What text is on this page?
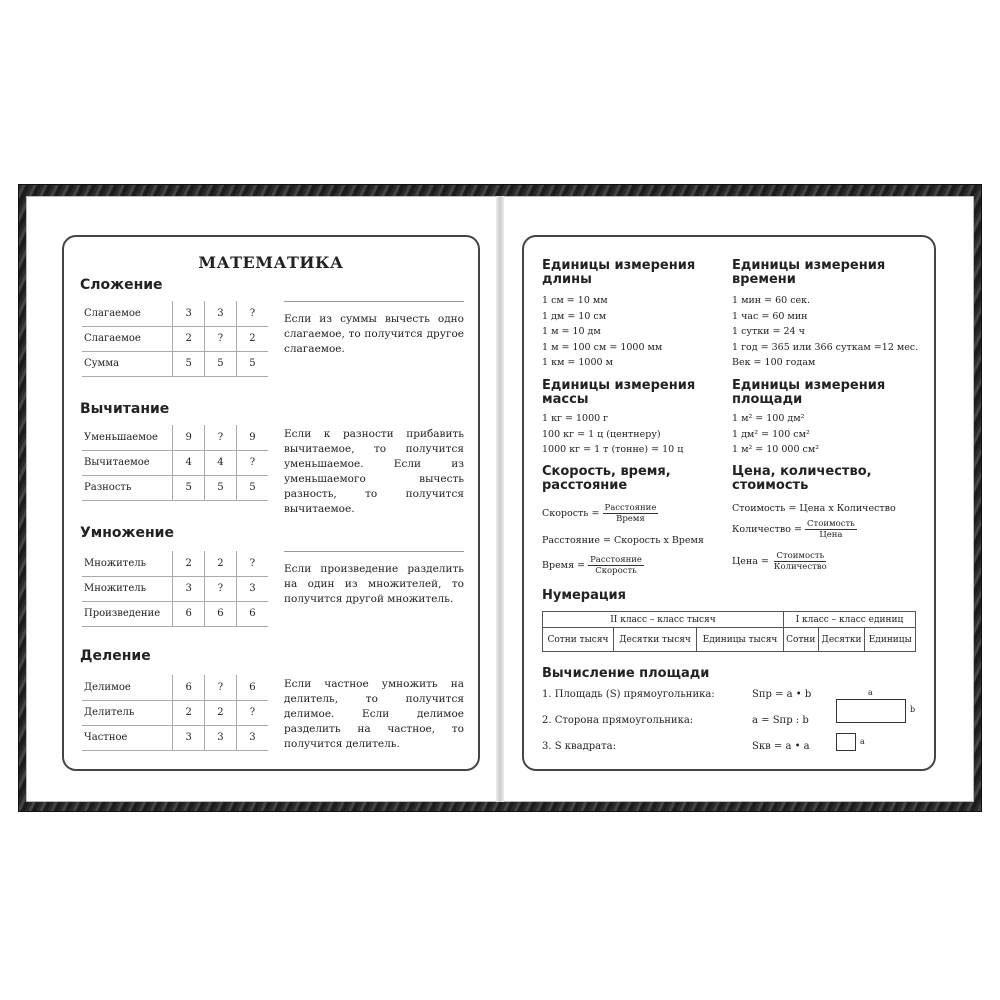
МАТЕМАТИКА
Сложение
Слагаемое	3	3	?
Слагаемое	2	?	2
Сумма	5	5	5
Если из суммы вычесть одно слагаемое, то получится другое слагаемое.
Вычитание
Уменьшаемое	9	?	9
Вычитаемое	4	4	?
Разность	5	5	5
Если к разности прибавить вычитаемое, то получится уменьшаемое. Если из уменьшаемого вычесть разность, то получится вычитаемое.
Умножение
Множитель	2	2	?
Множитель	3	?	3
Произведение	6	6	6
Если произведение разделить на один из множителей, то получится другой множитель.
Деление
Делимое	6	?	6
Делитель	2	2	?
Частное	3	3	3
Если частное умножить на делитель, то получится делимое. Если делимое разделить на частное, то получится делитель.
Единицы измерения длины
1 см = 10 мм
1 дм = 10 см
1 м = 10 дм
1 м = 100 см = 1000 мм
1 км = 1000 м
Единицы измерения времени
1 мин = 60 сек.
1 час = 60 мин
1 сутки = 24 ч
1 год = 365 или 366 суткам =12 мес.
Век = 100 годам
Единицы измерения массы
1 кг = 1000 г
100 кг = 1 ц (центнеру)
1000 кг = 1 т (тонне) = 10 ц
Единицы измерения площади
1 м² = 100 дм²
1 дм² = 100 см²
1 м² = 10 000 см²
Скорость, время, расстояние
Скорость = $\frac{\text{Расстояние}}{\text{Время}}$
Расстояние = Скорость х Время
Время = $\frac{\text{Расстояние}}{\text{Скорость}}$
Цена, количество, стоимость
Стоимость = Цена х Количество
Количество = $\frac{\text{Стоимость}}{\text{Цена}}$
Цена = $\frac{\text{Стоимость}}{\text{Количество}}$
Нумерация
II класс – класс тысяч			I класс – класс единиц		
Сотни тысяч	Десятки тысяч	Единицы тысяч	Сотни	Десятки	Единицы
Вычисление площади
1. Площадь (S) прямоугольника:	Sпр = a • b
2. Сторона прямоугольника:	a = Sпр : b
3. S квадрата:	Sкв = a • a
a
b
a
